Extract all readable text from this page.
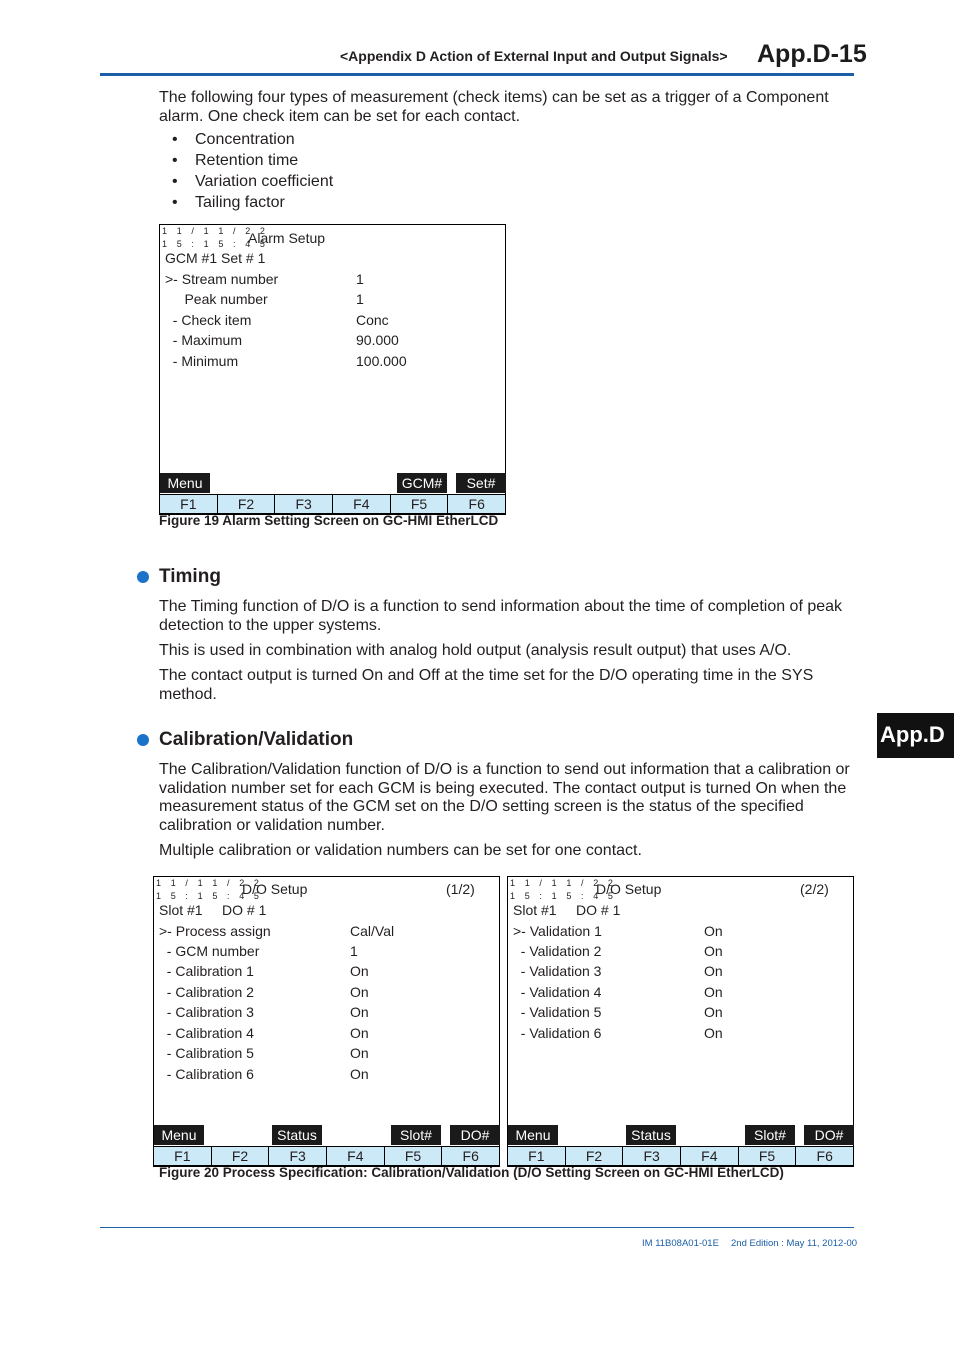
<Appendix D Action of External Input and Output Signals> App.D-15
The following four types of measurement (check items) can be set as a trigger of a Component alarm. One check item can be set for each contact.
• Concentration
• Retention time
• Variation coefficient
• Tailing factor
1 1 / 1 1 / 2 2
1 5 : 1 5 : 4 5
Alarm Setup
GCM #1 Set # 1
>- Stream number	1
Peak number	1
- Check item	Conc
- Maximum	90.000
- Minimum	100.000
Menu	GCM#	Set#
F1	F2	F3	F4	F5	F6
Figure 19 Alarm Setting Screen on GC-HMI EtherLCD
Timing
The Timing function of D/O is a function to send information about the time of completion of peak detection to the upper systems.
This is used in combination with analog hold output (analysis result output) that uses A/O.
The contact output is turned On and Off at the time set for the D/O operating time in the SYS method.
Calibration/Validation
The Calibration/Validation function of D/O is a function to send out information that a calibration or validation number set for each GCM is being executed. The contact output is turned On when the measurement status of the GCM set on the D/O setting screen is the status of the specified calibration or validation number.
Multiple calibration or validation numbers can be set for one contact.
1 1 / 1 1 / 2 2
1 5 : 1 5 : 4 5
D/O Setup	(1/2)
Slot #1     DO # 1
>- Process assign	Cal/Val
- GCM number	1
- Calibration 1	On
- Calibration 2	On
- Calibration 3	On
- Calibration 4	On
- Calibration 5	On
- Calibration 6	On
Menu	Status	Slot#	DO#
F1	F2	F3	F4	F5	F6
1 1 / 1 1 / 2 2
1 5 : 1 5 : 4 5
D/O Setup	(2/2)
Slot #1     DO # 1
>- Validation 1	On
- Validation 2	On
- Validation 3	On
- Validation 4	On
- Validation 5	On
- Validation 6	On
Menu	Status	Slot#	DO#
F1	F2	F3	F4	F5	F6
Figure 20 Process Specification: Calibration/Validation (D/O Setting Screen on GC-HMI EtherLCD)
App.D
IM 11B08A01-01E 2nd Edition : May 11, 2012-00
